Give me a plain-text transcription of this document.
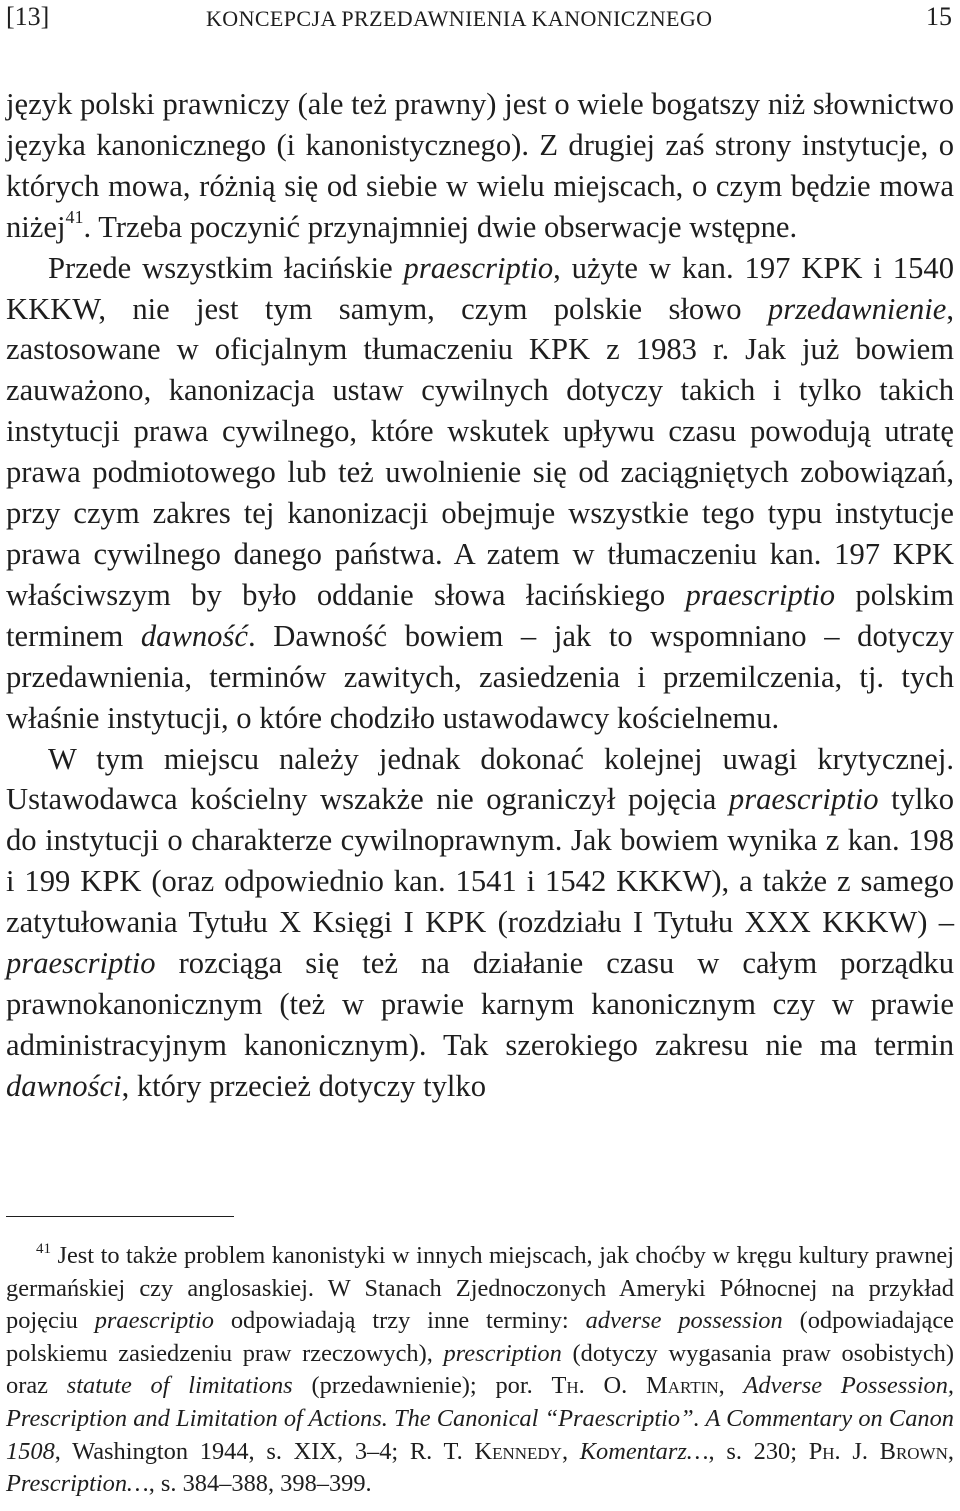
[13]	KONCEPCJA PRZEDAWNIENIA KANONICZNEGO	15

język polski prawniczy (ale też prawny) jest o wiele bogatszy niż słownictwo języka kanonicznego (i kanonistycznego). Z drugiej zaś strony instytucje, o których mowa, różnią się od siebie w wielu miejscach, o czym będzie mowa niżej$^{41}$. Trzeba poczynić przynajmniej dwie obserwacje wstępne.

Przede wszystkim łacińskie praescriptio, użyte w kan. 197 KPK i 1540 KKKW, nie jest tym samym, czym polskie słowo przedawnienie, zastosowane w oficjalnym tłumaczeniu KPK z 1983 r. Jak już bowiem zauważono, kanonizacja ustaw cywilnych dotyczy takich i tylko takich instytucji prawa cywilnego, które wskutek upływu czasu powodują utratę prawa podmiotowego lub też uwolnienie się od zaciągniętych zobowiązań, przy czym zakres tej kanonizacji obejmuje wszystkie tego typu instytucje prawa cywilnego danego państwa. A zatem w tłumaczeniu kan. 197 KPK właściwszym by było oddanie słowa łacińskiego praescriptio polskim terminem dawność. Dawność bowiem – jak to wspomniano – dotyczy przedawnienia, terminów zawitych, zasiedzenia i przemilczenia, tj. tych właśnie instytucji, o które chodziło ustawodawcy kościelnemu.

W tym miejscu należy jednak dokonać kolejnej uwagi krytycznej. Ustawodawca kościelny wszakże nie ograniczył pojęcia praescriptio tylko do instytucji o charakterze cywilnoprawnym. Jak bowiem wynika z kan. 198 i 199 KPK (oraz odpowiednio kan. 1541 i 1542 KKKW), a także z samego zatytułowania Tytułu X Księgi I KPK (rozdziału I Tytułu XXX KKKW) – praescriptio rozciąga się też na działanie czasu w całym porządku prawnokanonicznym (też w prawie karnym kanonicznym czy w prawie administracyjnym kanonicznym). Tak szerokiego zakresu nie ma termin dawności, który przecież dotyczy tylko

$^{41}$ Jest to także problem kanonistyki w innych miejscach, jak choćby w kręgu kultury prawnej germańskiej czy anglosaskiej. W Stanach Zjednoczonych Ameryki Północnej na przykład pojęciu praescriptio odpowiadają trzy inne terminy: adverse possession (odpowiadające polskiemu zasiedzeniu praw rzeczowych), prescription (dotyczy wygasania praw osobistych) oraz statute of limitations (przedawnienie); por. Th. O. Martin, Adverse Possession, Prescription and Limitation of Actions. The Canonical “Praescriptio”. A Commentary on Canon 1508, Washington 1944, s. XIX, 3–4; R. T. Kennedy, Komentarz…, s. 230; Ph. J. Brown, Prescription…, s. 384–388, 398–399.
